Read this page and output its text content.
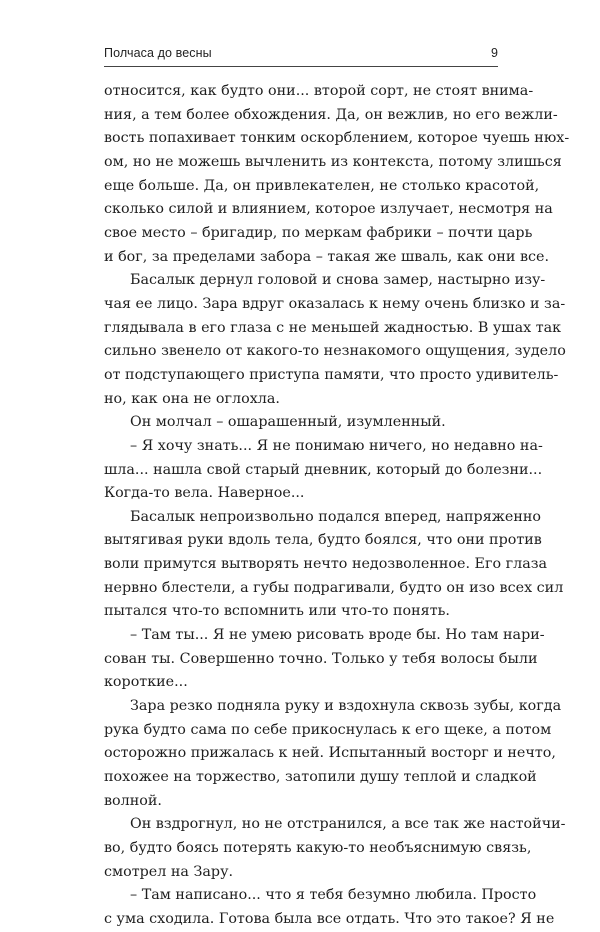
Полчаса до весны	9
относится, как будто они... второй сорт, не стоят внима-
ния, а тем более обхождения. Да, он вежлив, но его вежли-
вость попахивает тонким оскорблением, которое чуешь нюх-
ом, но не можешь вычленить из контекста, потому злишься
еще больше. Да, он привлекателен, не столько красотой,
сколько силой и влиянием, которое излучает, несмотря на
свое место – бригадир, по меркам фабрики – почти царь
и бог, за пределами забора – такая же шваль, как они все.
Басалык дернул головой и снова замер, настырно изу-
чая ее лицо. Зара вдруг оказалась к нему очень близко и за-
глядывала в его глаза с не меньшей жадностью. В ушах так
сильно звенело от какого-то незнакомого ощущения, зудело
от подступающего приступа памяти, что просто удивитель-
но, как она не оглохла.
Он молчал – ошарашенный, изумленный.
– Я хочу знать... Я не понимаю ничего, но недавно на-
шла... нашла свой старый дневник, который до болезни...
Когда-то вела. Наверное...
Басалык непроизвольно подался вперед, напряженно
вытягивая руки вдоль тела, будто боялся, что они против
воли примутся вытворять нечто недозволенное. Его глаза
нервно блестели, а губы подрагивали, будто он изо всех сил
пытался что-то вспомнить или что-то понять.
– Там ты... Я не умею рисовать вроде бы. Но там нари-
сован ты. Совершенно точно. Только у тебя волосы были
короткие...
Зара резко подняла руку и вздохнула сквозь зубы, когда
рука будто сама по себе прикоснулась к его щеке, а потом
осторожно прижалась к ней. Испытанный восторг и нечто,
похожее на торжество, затопили душу теплой и сладкой
волной.
Он вздрогнул, но не отстранился, а все так же настойчи-
во, будто боясь потерять какую-то необъяснимую связь,
смотрел на Зару.
– Там написано... что я тебя безумно любила. Просто
с ума сходила. Готова была все отдать. Что это такое? Я не
